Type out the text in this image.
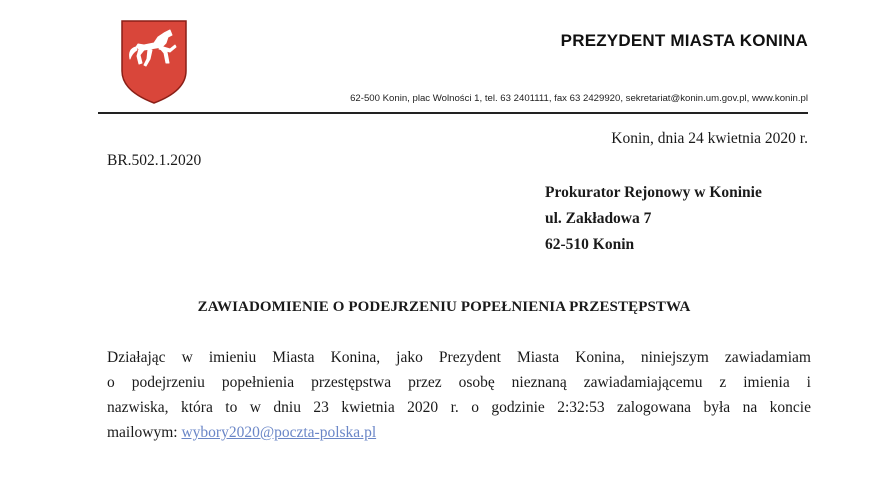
PREZYDENT MIASTA KONINA
62-500 Konin, plac Wolności 1, tel. 63 2401111, fax 63 2429920, sekretariat@konin.um.gov.pl, www.konin.pl
Konin, dnia 24 kwietnia 2020 r.
BR.502.1.2020
Prokurator Rejonowy w Koninie
ul. Zakładowa 7
62-510 Konin
ZAWIADOMIENIE O PODEJRZENIU POPEŁNIENIA PRZESTĘPSTWA
Działając w imieniu Miasta Konina, jako Prezydent Miasta Konina, niniejszym zawiadamiam
o podejrzeniu popełnienia przestępstwa przez osobę nieznaną zawiadamiającemu z imienia i
nazwiska, która to w dniu 23 kwietnia 2020 r. o godzinie 2:32:53 zalogowana była na koncie
mailowym: wybory2020@poczta-polska.pl
